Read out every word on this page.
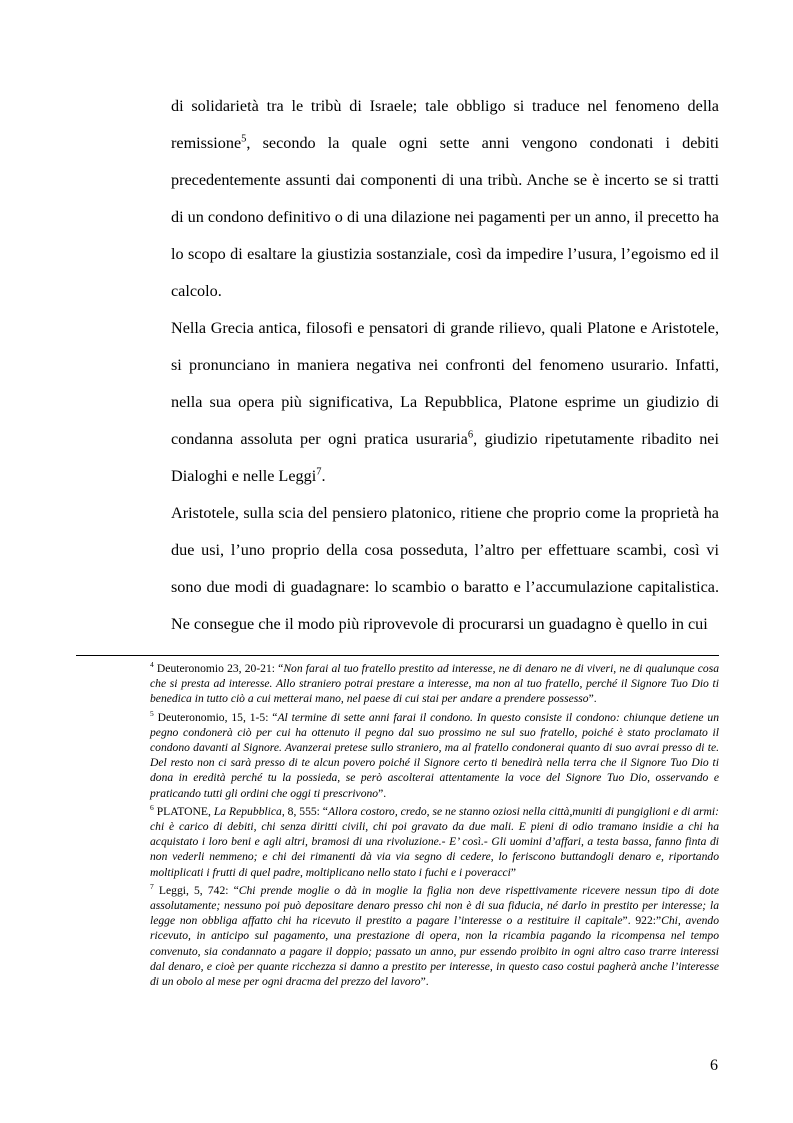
di solidarietà tra le tribù di Israele; tale obbligo si traduce nel fenomeno della remissione$^5$, secondo la quale ogni sette anni vengono condonati i debiti precedentemente assunti dai componenti di una tribù. Anche se è incerto se si tratti di un condono definitivo o di una dilazione nei pagamenti per un anno, il precetto ha lo scopo di esaltare la giustizia sostanziale, così da impedire l’usura, l’egoismo ed il calcolo.

Nella Grecia antica, filosofi e pensatori di grande rilievo, quali Platone e Aristotele, si pronunciano in maniera negativa nei confronti del fenomeno usurario. Infatti, nella sua opera più significativa, La Repubblica, Platone esprime un giudizio di condanna assoluta per ogni pratica usuraria$^6$, giudizio ripetutamente ribadito nei Dialoghi e nelle Leggi$^7$.

Aristotele, sulla scia del pensiero platonico, ritiene che proprio come la proprietà ha due usi, l’uno proprio della cosa posseduta, l’altro per effettuare scambi, così vi sono due modi di guadagnare: lo scambio o baratto e l’accumulazione capitalistica. Ne consegue che il modo più riprovevole di procurarsi un guadagno è quello in cui

$^4$ Deuteronomio 23, 20-21: “Non farai al tuo fratello prestito ad interesse, ne di denaro ne di viveri, ne di qualunque cosa che si presta ad interesse. Allo straniero potrai prestare a interesse, ma non al tuo fratello, perché il Signore Tuo Dio ti benedica in tutto ciò a cui metterai mano, nel paese di cui stai per andare a prendere possesso”.

$^5$ Deuteronomio, 15, 1-5: “Al termine di sette anni farai il condono. In questo consiste il condono: chiunque detiene un pegno condonerà ciò per cui ha ottenuto il pegno dal suo prossimo ne sul suo fratello, poiché è stato proclamato il condono davanti al Signore. Avanzerai pretese sullo straniero, ma al fratello condonerai quanto di suo avrai presso di te. Del resto non ci sarà presso di te alcun povero poiché il Signore certo ti benedirà nella terra che il Signore Tuo Dio ti dona in eredità perché tu la possieda, se però ascolterai attentamente la voce del Signore Tuo Dio, osservando e praticando tutti gli ordini che oggi ti prescrivono”.

$^6$ PLATONE, La Repubblica, 8, 555: “Allora costoro, credo, se ne stanno oziosi nella città,muniti di pungiglioni e di armi: chi è carico di debiti, chi senza diritti civili, chi poi gravato da due mali. E pieni di odio tramano insidie a chi ha acquistato i loro beni e agli altri, bramosi di una rivoluzione.- E’ così.- Gli uomini d’affari, a testa bassa, fanno finta di non vederli nemmeno; e chi dei rimanenti dà via via segno di cedere, lo feriscono buttandogli denaro e, riportando moltiplicati i frutti di quel padre, moltiplicano nello stato i fuchi e i poveracci”

$^7$ Leggi, 5, 742: “Chi prende moglie o dà in moglie la figlia non deve rispettivamente ricevere nessun tipo di dote assolutamente; nessuno poi può depositare denaro presso chi non è di sua fiducia, né darlo in prestito per interesse; la legge non obbliga affatto chi ha ricevuto il prestito a pagare l’interesse o a restituire il capitale”. 922:”Chi, avendo ricevuto, in anticipo sul pagamento, una prestazione di opera, non la ricambia pagando la ricompensa nel tempo convenuto, sia condannato a pagare il doppio; passato un anno, pur essendo proibito in ogni altro caso trarre interessi dal denaro, e cioè per quante ricchezza si danno a prestito per interesse, in questo caso costui pagherà anche l’interesse di un obolo al mese per ogni dracma del prezzo del lavoro”.

6
